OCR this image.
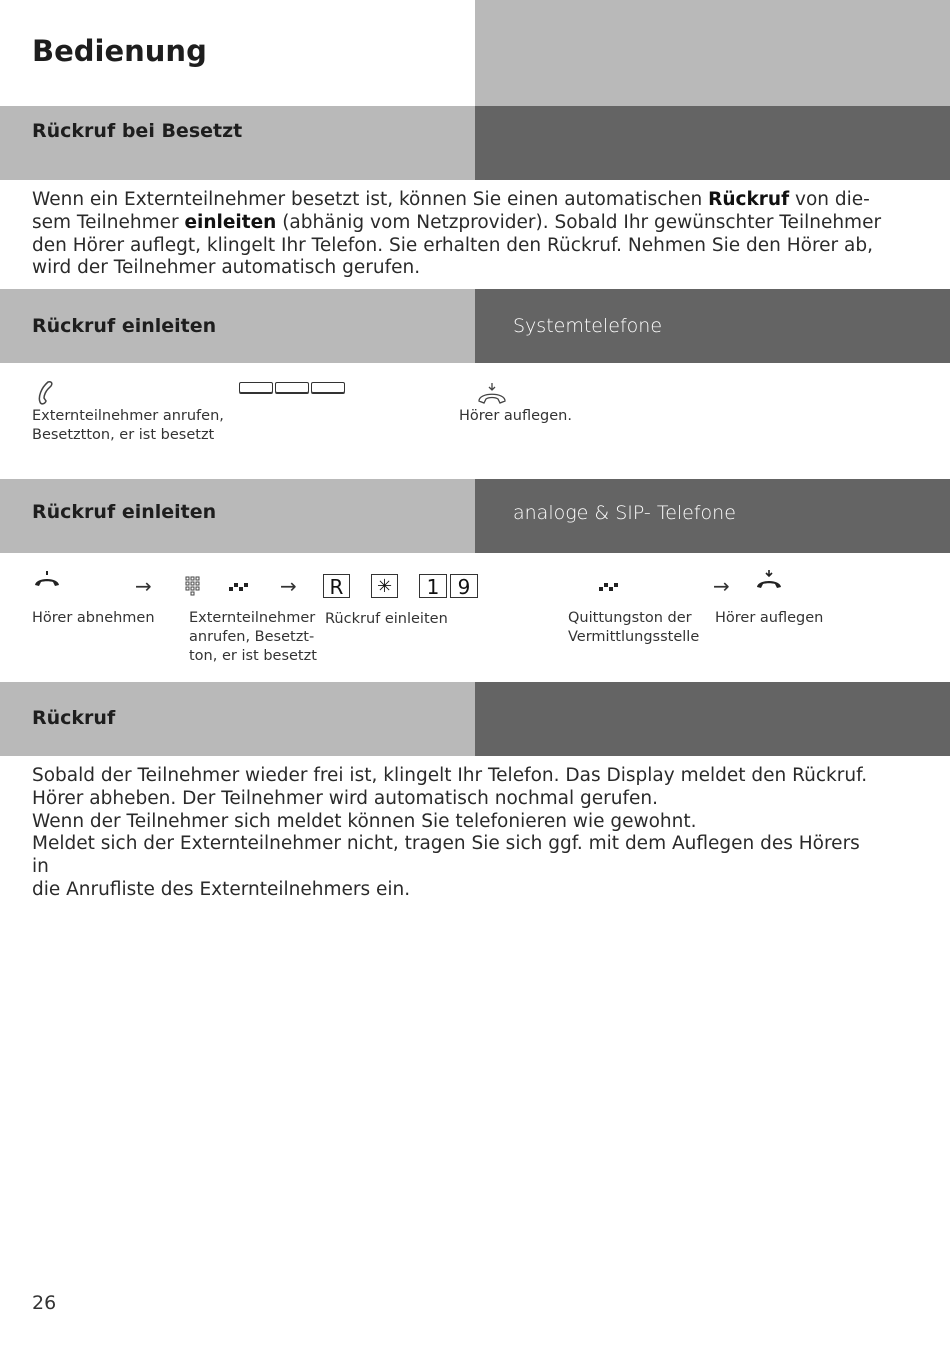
Bedienung
Rückruf bei Besetzt
Wenn ein Externteilnehmer besetzt ist, können Sie einen automatischen Rückruf von die-
sem Teilnehmer einleiten (abhänig vom Netzprovider). Sobald Ihr gewünschter Teilnehmer
den Hörer auflegt, klingelt Ihr Telefon. Sie erhalten den Rückruf. Nehmen Sie den Hörer ab,
wird der Teilnehmer automatisch gerufen.
Rückruf einleiten	Systemtelefone
Externteilnehmer anrufen,
Besetztton, er ist besetzt
Hörer auflegen.
Rückruf einleiten	analoge & SIP- Telefone
→	→	R	✳	1 9	→
Hörer abnehmen Externteilnehmer
anrufen, Besetzt-
ton, er ist besetzt
Rückruf einleiten	Quittungston der
Vermittlungsstelle
Hörer auflegen
Rückruf
Sobald der Teilnehmer wieder frei ist, klingelt Ihr Telefon. Das Display meldet den Rückruf.
Hörer abheben. Der Teilnehmer wird automatisch nochmal gerufen.
Wenn der Teilnehmer sich meldet können Sie telefonieren wie gewohnt.
Meldet sich der Externteilnehmer nicht, tragen Sie sich ggf. mit dem Auflegen des Hörers in
die Anrufliste des Externteilnehmers ein.
26
